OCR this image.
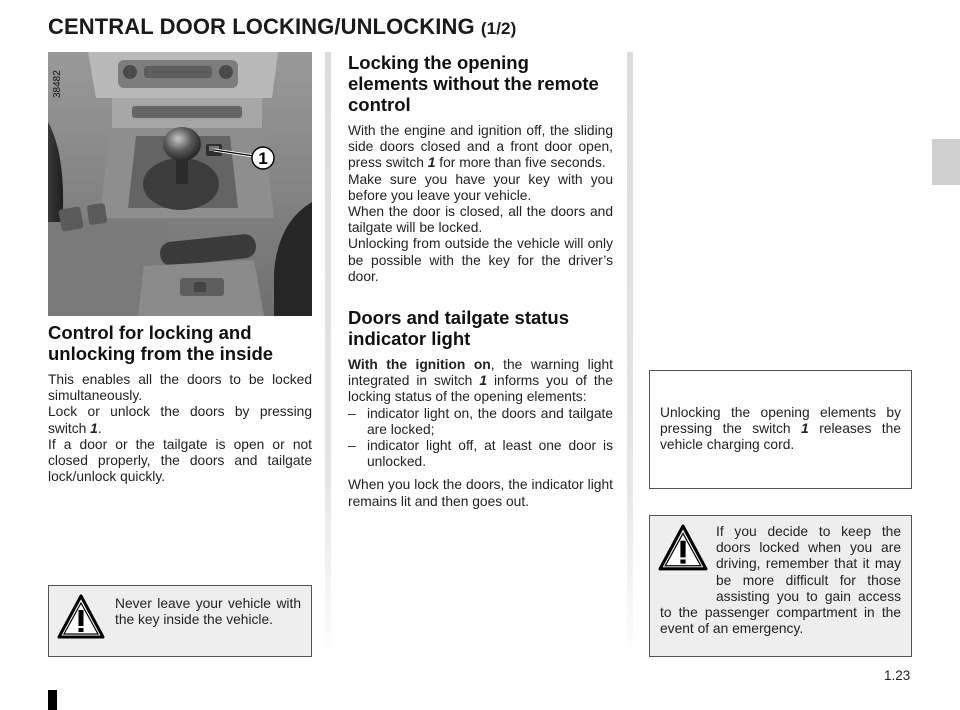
CENTRAL DOOR LOCKING/UNLOCKING (1/2)
1
38482
Control for locking and unlocking from the inside

This enables all the doors to be locked simultaneously.

Lock or unlock the doors by pressing switch 1.

If a door or the tailgate is open or not closed properly, the doors and tailgate lock/unlock quickly.

Never leave your vehicle with the key inside the vehicle.

Locking the opening elements without the remote control

With the engine and ignition off, the sliding side doors closed and a front door open, press switch 1 for more than five seconds.

Make sure you have your key with you before you leave your vehicle.

When the door is closed, all the doors and tailgate will be locked.

Unlocking from outside the vehicle will only be possible with the key for the driver’s door.

Doors and tailgate status indicator light

With the ignition on, the warning light integrated in switch 1 informs you of the locking status of the opening elements:

– indicator light on, the doors and tailgate are locked;
– indicator light off, at least one door is unlocked.

When you lock the doors, the indicator light remains lit and then goes out.

Unlocking the opening elements by pressing the switch 1 releases the vehicle charging cord.

If you decide to keep the doors locked when you are driving, remember that it may be more difficult for those assisting you to gain access to the passenger compartment in the event of an emergency.

1.23
